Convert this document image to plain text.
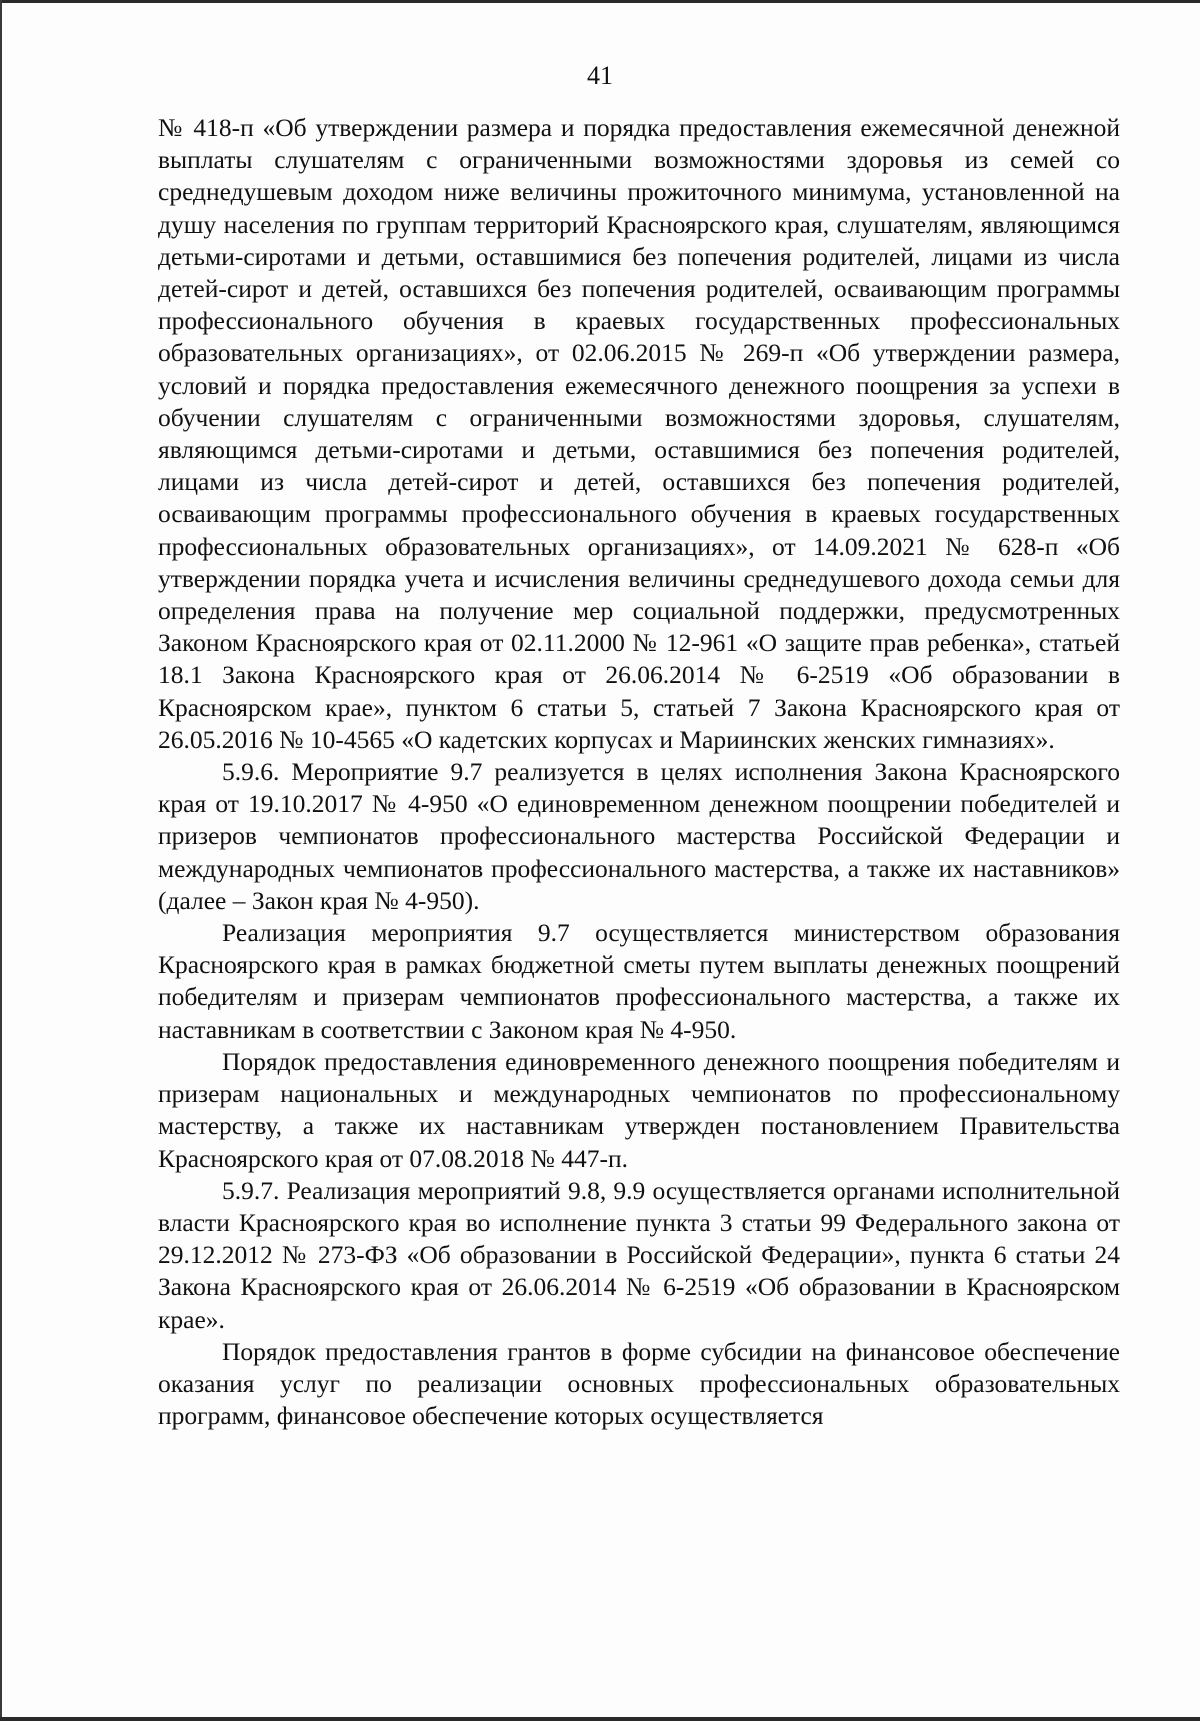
41

№ 418-п «Об утверждении размера и порядка предоставления ежемесячной денежной выплаты слушателям с ограниченными возможностями здоровья из семей со среднедушевым доходом ниже величины прожиточного минимума, установленной на душу населения по группам территорий Красноярского края, слушателям, являющимся детьми-сиротами и детьми, оставшимися без попечения родителей, лицами из числа детей-сирот и детей, оставшихся без попечения родителей, осваивающим программы профессионального обучения в краевых государственных профессиональных образовательных организациях», от 02.06.2015 № 269-п «Об утверждении размера, условий и порядка предоставления ежемесячного денежного поощрения за успехи в обучении слушателям с ограниченными возможностями здоровья, слушателям, являющимся детьми-сиротами и детьми, оставшимися без попечения родителей, лицами из числа детей-сирот и детей, оставшихся без попечения родителей, осваивающим программы профессионального обучения в краевых государственных профессиональных образовательных организациях», от 14.09.2021 № 628-п «Об утверждении порядка учета и исчисления величины среднедушевого дохода семьи для определения права на получение мер социальной поддержки, предусмотренных Законом Красноярского края от 02.11.2000 № 12-961 «О защите прав ребенка», статьей 18.1 Закона Красноярского края от 26.06.2014 № 6-2519 «Об образовании в Красноярском крае», пунктом 6 статьи 5, статьей 7 Закона Красноярского края от 26.05.2016 № 10-4565 «О кадетских корпусах и Мариинских женских гимназиях».

5.9.6. Мероприятие 9.7 реализуется в целях исполнения Закона Красноярского края от 19.10.2017 № 4-950 «О единовременном денежном поощрении победителей и призеров чемпионатов профессионального мастерства Российской Федерации и международных чемпионатов профессионального мастерства, а также их наставников» (далее – Закон края № 4-950).

Реализация мероприятия 9.7 осуществляется министерством образования Красноярского края в рамках бюджетной сметы путем выплаты денежных поощрений победителям и призерам чемпионатов профессионального мастерства, а также их наставникам в соответствии с Законом края № 4-950.

Порядок предоставления единовременного денежного поощрения победителям и призерам национальных и международных чемпионатов по профессиональному мастерству, а также их наставникам утвержден постановлением Правительства Красноярского края от 07.08.2018 № 447-п.

5.9.7. Реализация мероприятий 9.8, 9.9 осуществляется органами исполнительной власти Красноярского края во исполнение пункта 3 статьи 99 Федерального закона от 29.12.2012 № 273-ФЗ «Об образовании в Российской Федерации», пункта 6 статьи 24 Закона Красноярского края от 26.06.2014 № 6-2519 «Об образовании в Красноярском крае».

Порядок предоставления грантов в форме субсидии на финансовое обеспечение оказания услуг по реализации основных профессиональных образовательных программ, финансовое обеспечение которых осуществляется
